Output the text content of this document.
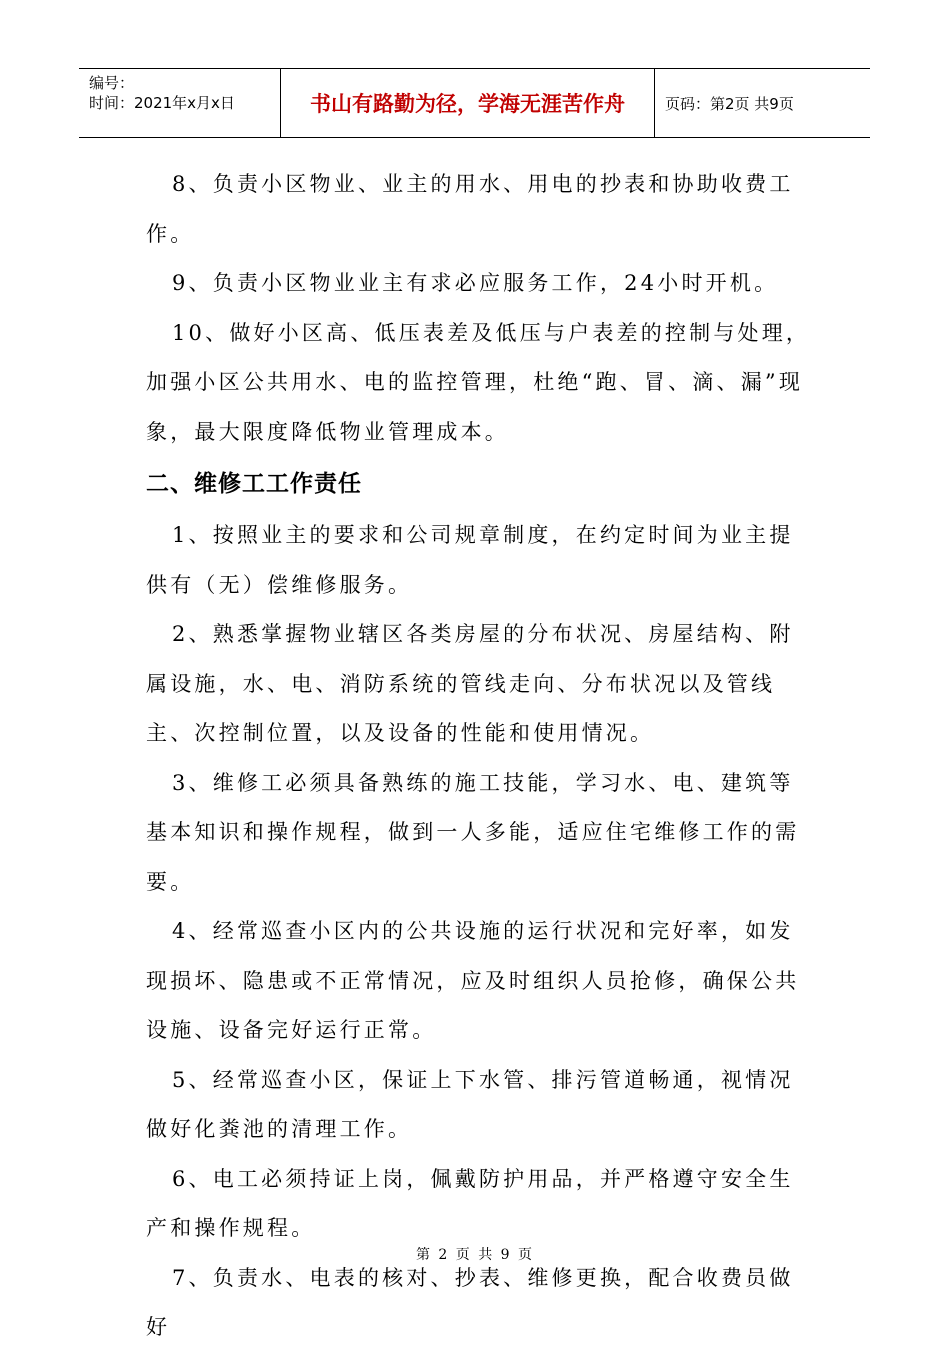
编号：
时间：2021年x月x日	书山有路勤为径，学海无涯苦作舟	页码：第2页 共9页

8、负责小区物业、业主的用水、用电的抄表和协助收费工作。

9、负责小区物业业主有求必应服务工作，24小时开机。

10、做好小区高、低压表差及低压与户表差的控制与处理，加强小区公共用水、电的监控管理，杜绝“跑、冒、滴、漏”现象，最大限度降低物业管理成本。

二、维修工工作责任

1、按照业主的要求和公司规章制度，在约定时间为业主提供有（无）偿维修服务。

2、熟悉掌握物业辖区各类房屋的分布状况、房屋结构、附属设施，水、电、消防系统的管线走向、分布状况以及管线主、次控制位置，以及设备的性能和使用情况。

3、维修工必须具备熟练的施工技能，学习水、电、建筑等基本知识和操作规程，做到一人多能，适应住宅维修工作的需要。

4、经常巡查小区内的公共设施的运行状况和完好率，如发现损坏、隐患或不正常情况，应及时组织人员抢修，确保公共设施、设备完好运行正常。

5、经常巡查小区，保证上下水管、排污管道畅通，视情况做好化粪池的清理工作。

6、电工必须持证上岗，佩戴防护用品，并严格遵守安全生产和操作规程。

7、负责水、电表的核对、抄表、维修更换，配合收费员做好

第 2 页 共 9 页
